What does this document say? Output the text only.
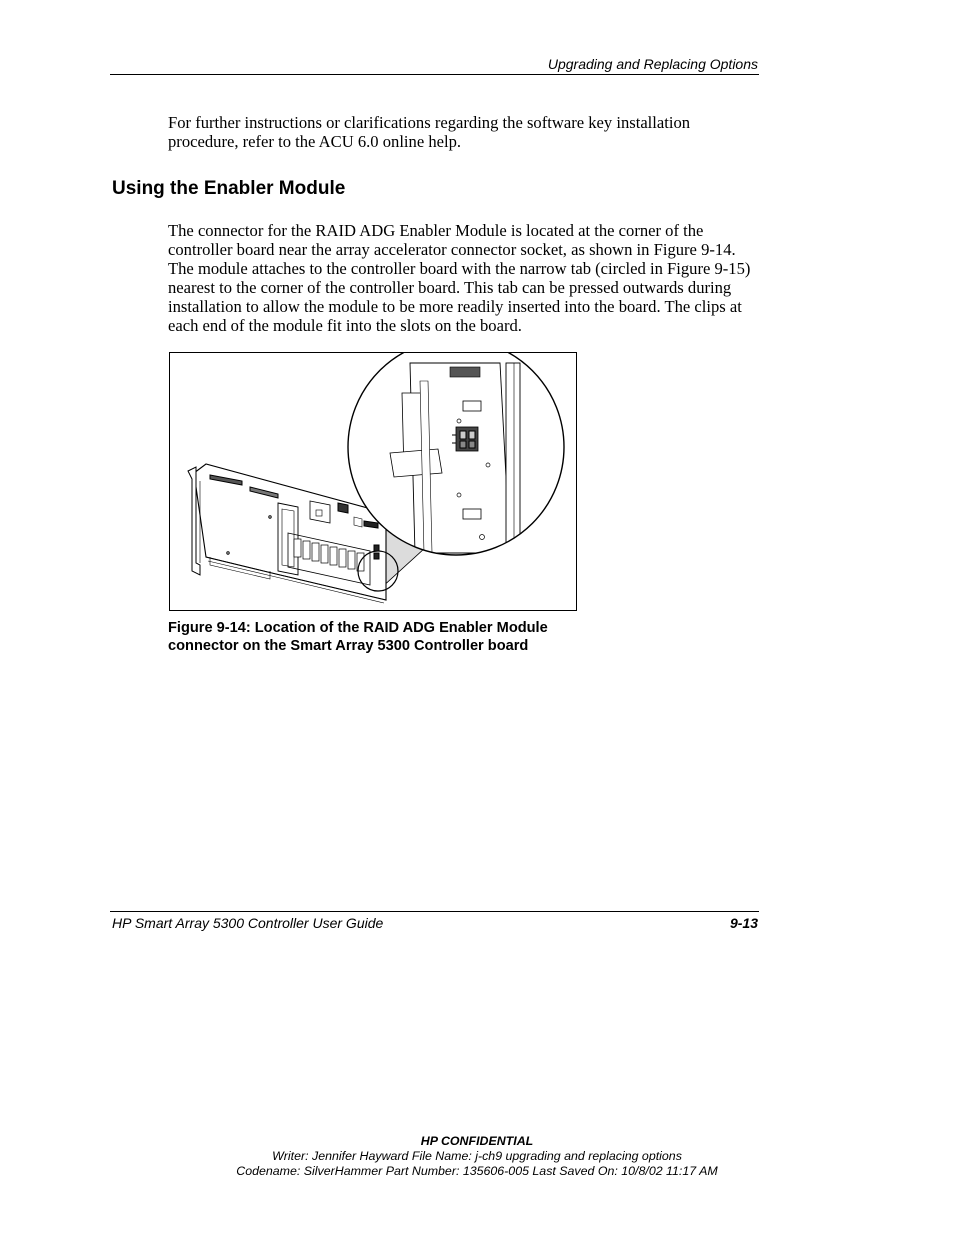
Upgrading and Replacing Options

For further instructions or clarifications regarding the software key installation procedure, refer to the ACU 6.0 online help.

Using the Enabler Module

The connector for the RAID ADG Enabler Module is located at the corner of the controller board near the array accelerator connector socket, as shown in Figure 9-14. The module attaches to the controller board with the narrow tab (circled in Figure 9-15) nearest to the corner of the controller board. This tab can be pressed outwards during installation to allow the module to be more readily inserted into the board. The clips at each end of the module fit into the slots on the board.

Figure 9-14: Location of the RAID ADG Enabler Module
connector on the Smart Array 5300 Controller board
HP Smart Array 5300 Controller User Guide	9-13
HP CONFIDENTIAL
Writer: Jennifer Hayward File Name: j-ch9 upgrading and replacing options
Codename: SilverHammer Part Number: 135606-005 Last Saved On: 10/8/02 11:17 AM
